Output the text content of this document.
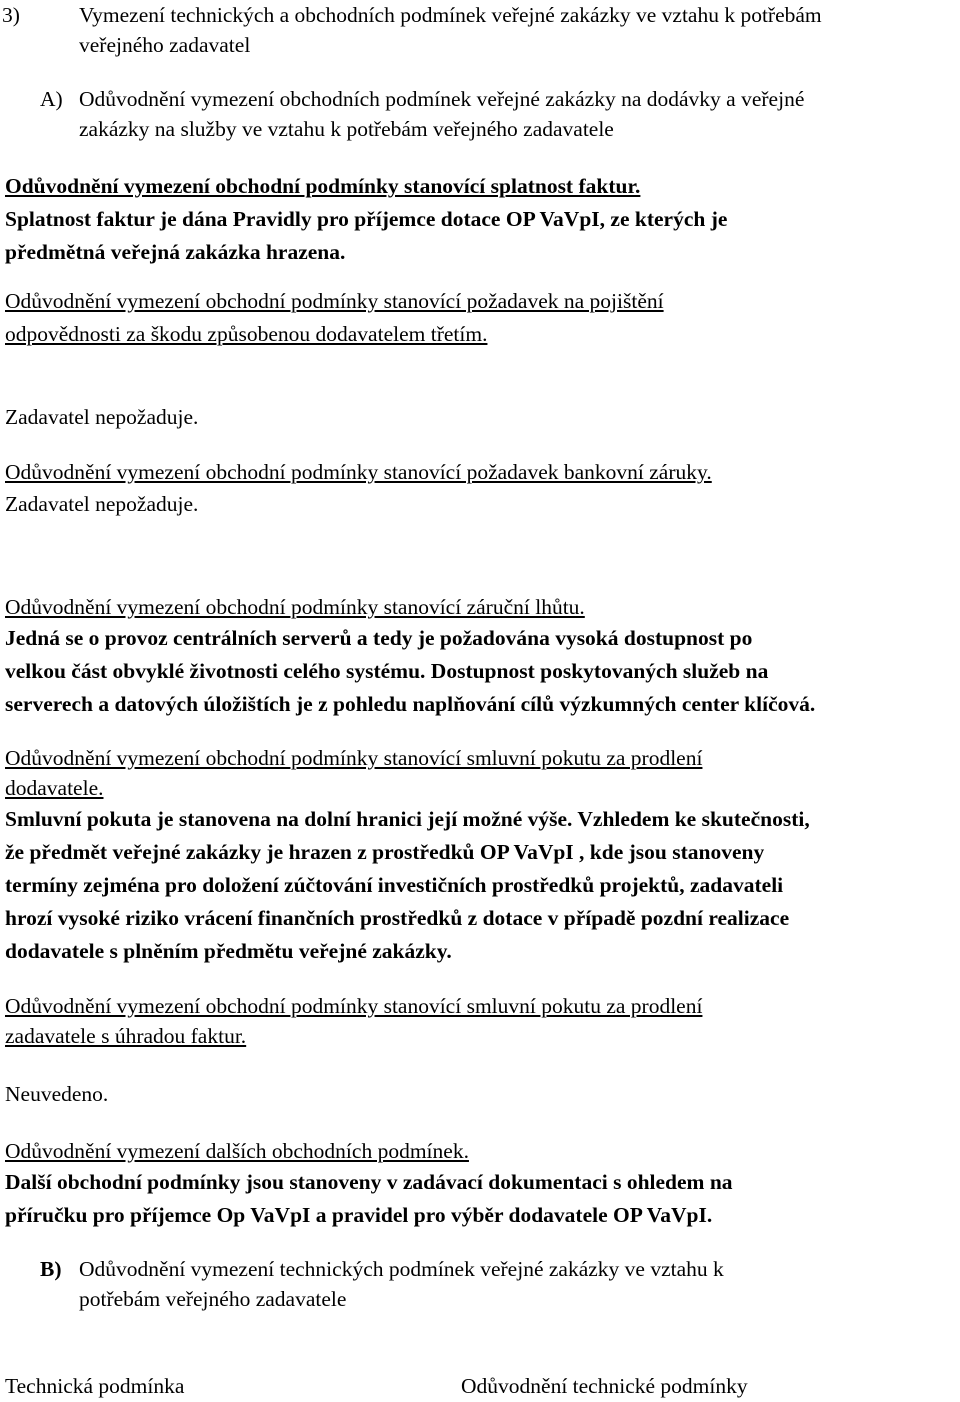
3)	Vymezení technických a obchodních podmínek veřejné zakázky ve vztahu k potřebám
veřejného zadavatel
A) Odůvodnění vymezení obchodních podmínek veřejné zakázky na dodávky a veřejné
zakázky na služby ve vztahu k potřebám veřejného zadavatele
Odůvodnění vymezení obchodní podmínky stanovící splatnost faktur.
Splatnost faktur je dána Pravidly pro příjemce dotace OP VaVpI, ze kterých je
předmětná veřejná zakázka hrazena.
Odůvodnění vymezení obchodní podmínky stanovící požadavek na pojištění
odpovědnosti za škodu způsobenou dodavatelem třetím.
Zadavatel nepožaduje.
Odůvodnění vymezení obchodní podmínky stanovící požadavek bankovní záruky.
Zadavatel nepožaduje.
Odůvodnění vymezení obchodní podmínky stanovící záruční lhůtu.
Jedná se o provoz centrálních serverů a tedy je požadována vysoká dostupnost po
velkou část obvyklé životnosti celého systému. Dostupnost poskytovaných služeb na
serverech a datových úložištích je z pohledu naplňování cílů výzkumných center klíčová.
Odůvodnění vymezení obchodní podmínky stanovící smluvní pokutu za prodlení
dodavatele.
Smluvní pokuta je stanovena na dolní hranici její možné výše. Vzhledem ke skutečnosti,
že předmět veřejné zakázky je hrazen z prostředků OP VaVpI , kde jsou stanoveny
termíny zejména pro doložení zúčtování investičních prostředků projektů, zadavateli
hrozí vysoké riziko vrácení finančních prostředků z dotace v případě pozdní realizace
dodavatele s plněním předmětu veřejné zakázky.
Odůvodnění vymezení obchodní podmínky stanovící smluvní pokutu za prodlení
zadavatele s úhradou faktur.
Neuvedeno.
Odůvodnění vymezení dalších obchodních podmínek.
Další obchodní podmínky jsou stanoveny v zadávací dokumentaci s ohledem na
příručku pro příjemce Op VaVpI a pravidel pro výběr dodavatele OP VaVpI.
B) Odůvodnění vymezení technických podmínek veřejné zakázky ve vztahu k
potřebám veřejného zadavatele
Technická podmínka	Odůvodnění technické podmínky
